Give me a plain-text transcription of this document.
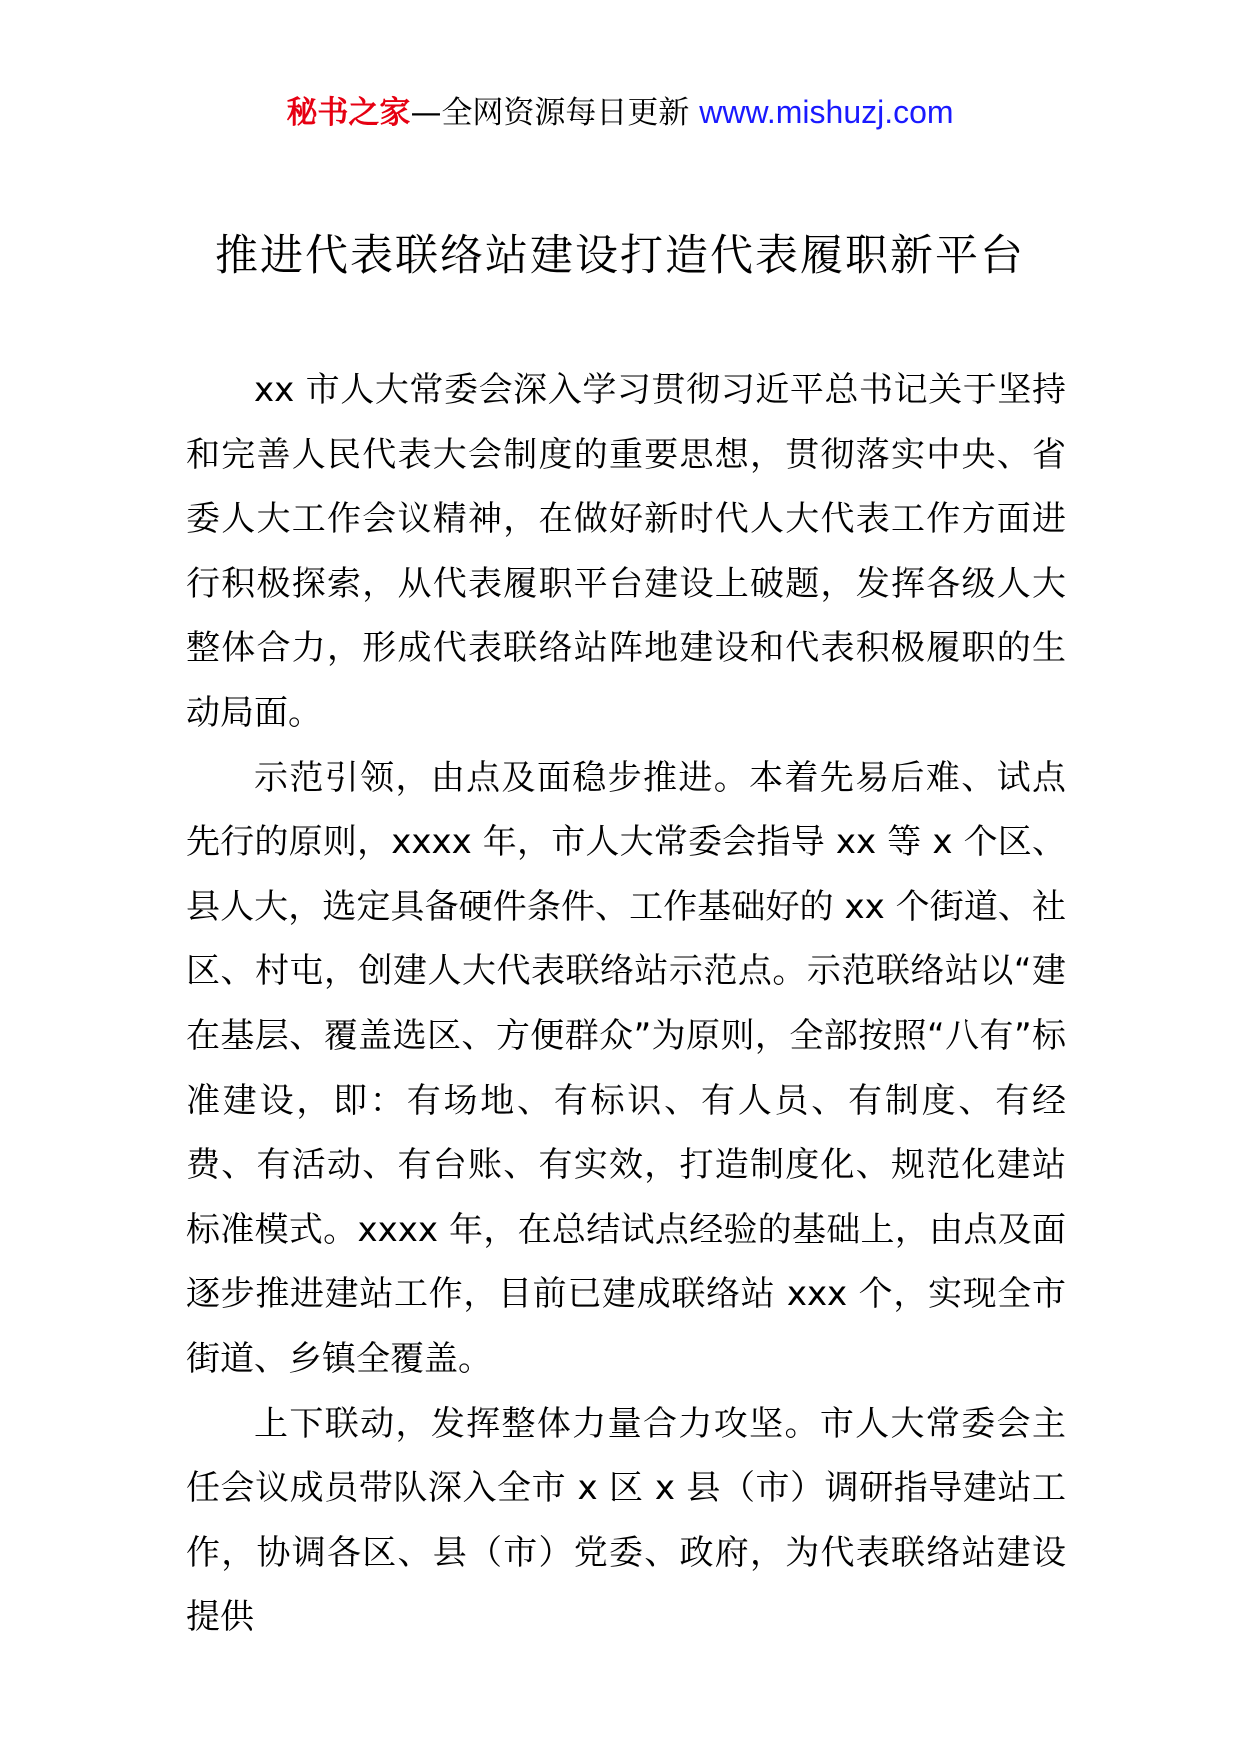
秘书之家—全网资源每日更新 www.mishuzj.com
推进代表联络站建设打造代表履职新平台

xx 市人大常委会深入学习贯彻习近平总书记关于坚持和完善人民代表大会制度的重要思想，贯彻落实中央、省委人大工作会议精神，在做好新时代人大代表工作方面进行积极探索，从代表履职平台建设上破题，发挥各级人大整体合力，形成代表联络站阵地建设和代表积极履职的生动局面。

示范引领，由点及面稳步推进。本着先易后难、试点先行的原则，xxxx 年，市人大常委会指导 xx 等 x 个区、县人大，选定具备硬件条件、工作基础好的 xx 个街道、社区、村屯，创建人大代表联络站示范点。示范联络站以“建在基层、覆盖选区、方便群众”为原则，全部按照“八有”标准建设，即：有场地、有标识、有人员、有制度、有经费、有活动、有台账、有实效，打造制度化、规范化建站标准模式。xxxx 年，在总结试点经验的基础上，由点及面逐步推进建站工作，目前已建成联络站 xxx 个，实现全市街道、乡镇全覆盖。

上下联动，发挥整体力量合力攻坚。市人大常委会主任会议成员带队深入全市 x 区 x 县（市）调研指导建站工作，协调各区、县（市）党委、政府，为代表联络站建设提供
